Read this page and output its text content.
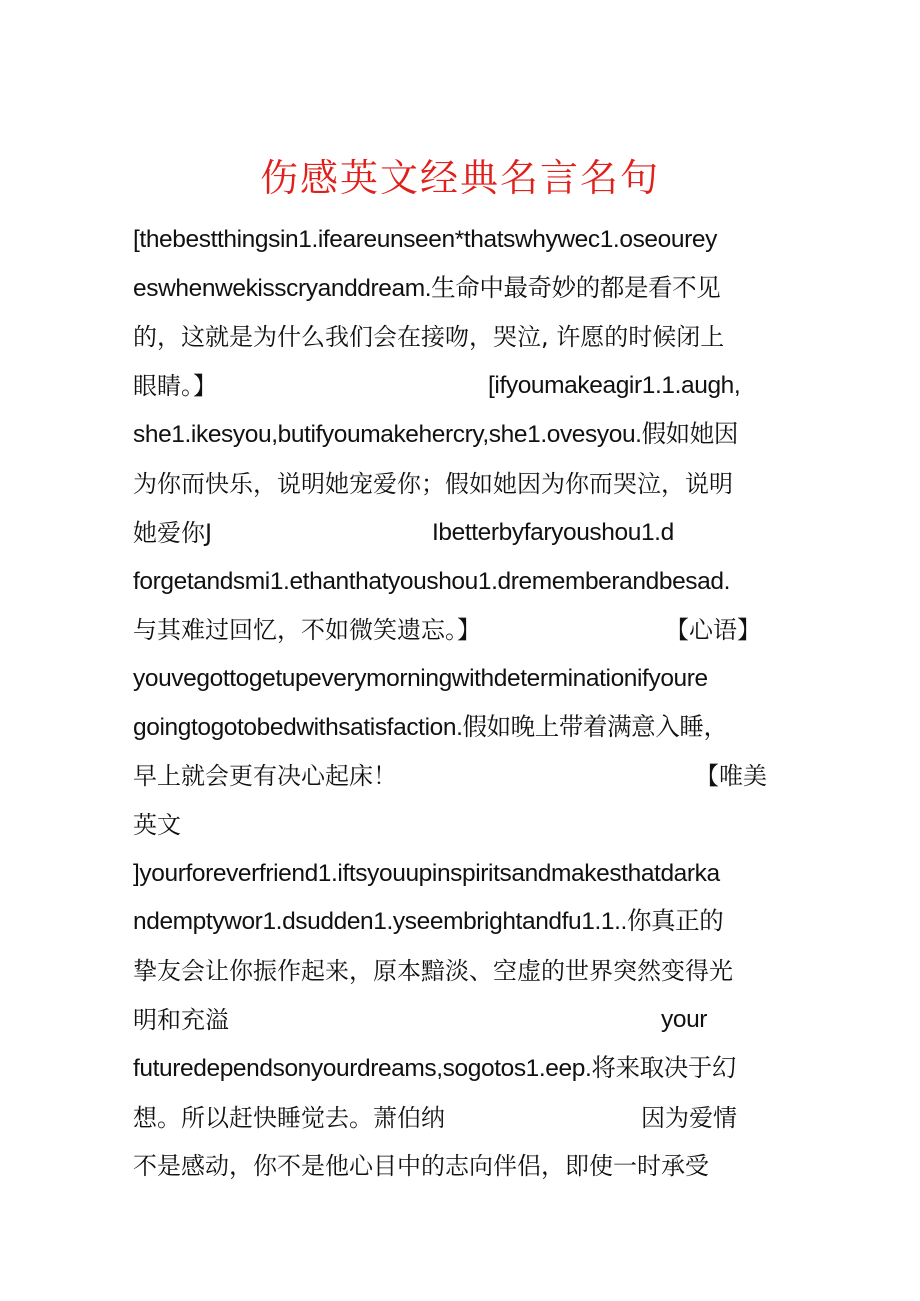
伤感英文经典名言名句
[thebestthingsin1.ifeareunseen*thatswhywec1.oseourey
eswhenwekisscryanddream.生命中最奇妙的都是看不见
的，这就是为什么我们会在接吻，哭泣, 许愿的时候闭上
眼睛。】	[ifyoumakeagir1.1.augh,
she1.ikesyou,butifyoumakehercry,she1.ovesyou.假如她因
为你而快乐，说明她宠爱你；假如她因为你而哭泣，说明
她爱你J	Ibetterbyfaryoushou1.d
forgetandsmi1.ethanthatyoushou1.drememberandbesad.
与其难过回忆，不如微笑遗忘。】	【心语】
youvegottogetupeverymorningwithdeterminationifyoure
goingtogotobedwithsatisfaction.假如晚上带着满意入睡，
早上就会更有决心起床！	【唯美
英文
]yourforeverfriend1.iftsyouupinspiritsandmakesthatdarka
ndemptywor1.dsudden1.yseembrightandfu1.1..你真正的
挚友会让你振作起来，原本黯淡、空虚的世界突然变得光
明和充溢	your
futuredependsonyourdreams,sogotos1.eep.将来取决于幻
想。所以赶快睡觉去。萧伯纳	因为爱情
不是感动，你不是他心目中的志向伴侣，即使一时承受
